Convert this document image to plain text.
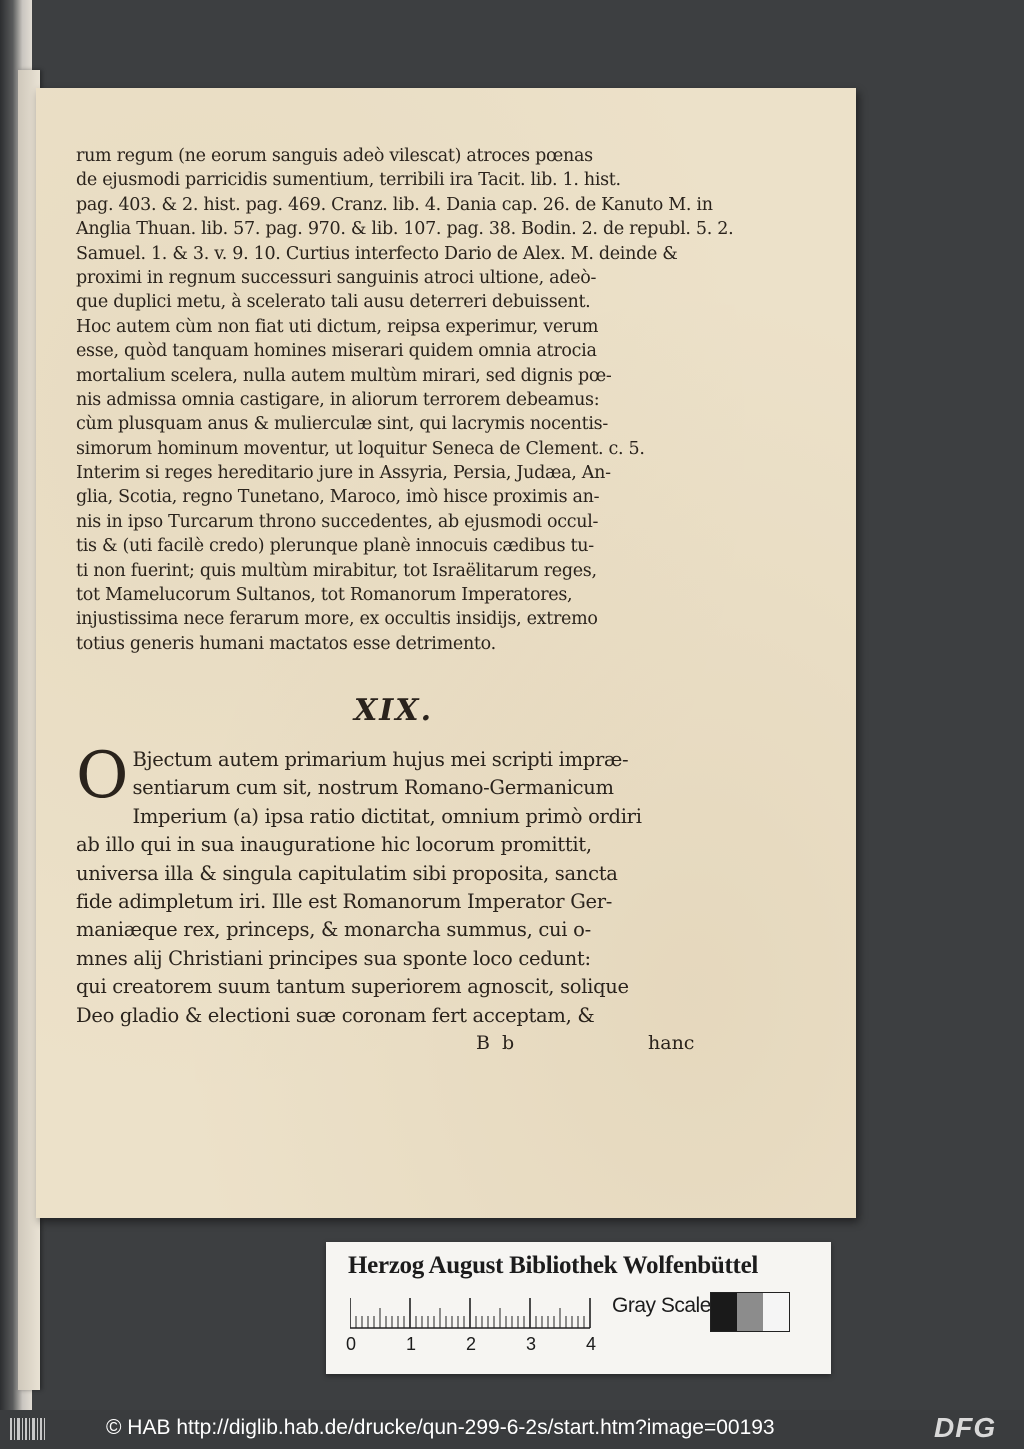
rum regum (ne eorum sanguis adeò vilescat) atroces pœnas
de ejusmodi parricidis sumentium, terribili ira Tacit. lib. 1. hist.
pag. 403. & 2. hist. pag. 469. Cranz. lib. 4. Dania cap. 26. de Kanuto M. in
Anglia Thuan. lib. 57. pag. 970. & lib. 107. pag. 38. Bodin. 2. de republ. 5. 2.
Samuel. 1. & 3. v. 9. 10. Curtius interfecto Dario de Alex. M. deinde &
proximi in regnum successuri sanguinis atroci ultione, adeò-
que duplici metu, à scelerato tali ausu deterreri debuissent.
Hoc autem cùm non fiat uti dictum, reipsa experimur, verum
esse, quòd tanquam homines miserari quidem omnia atrocia
mortalium scelera, nulla autem multùm mirari, sed dignis pœ-
nis admissa omnia castigare, in aliorum terrorem debeamus:
cùm plusquam anus & mulierculæ sint, qui lacrymis nocentis-
simorum hominum moventur, ut loquitur Seneca de Clement. c. 5.
Interim si reges hereditario jure in Assyria, Persia, Judæa, An-
glia, Scotia, regno Tunetano, Maroco, imò hisce proximis an-
nis in ipso Turcarum throno succedentes, ab ejusmodi occul-
tis & (uti facilè credo) plerunque planè innocuis cædibus tu-
ti non fuerint; quis multùm mirabitur, tot Israëlitarum reges,
tot Mamelucorum Sultanos, tot Romanorum Imperatores,
injustissima nece ferarum more, ex occultis insidijs, extremo
totius generis humani mactatos esse detrimento.
XIX.
O Bjectum autem primarium hujus mei scripti impræ-
sentiarum cum sit, nostrum Romano-Germanicum
Imperium (a) ipsa ratio dictitat, omnium primò ordiri
ab illo qui in sua inauguratione hic locorum promittit,
universa illa & singula capitulatim sibi proposita, sancta
fide adimpletum iri. Ille est Romanorum Imperator Ger-
maniæque rex, princeps, & monarcha summus, cui o-
mnes alij Christiani principes sua sponte loco cedunt:
qui creatorem suum tantum superiorem agnoscit, solique
Deo gladio & electioni suæ coronam fert acceptam, &
B b	hanc
Herzog August Bibliothek Wolfenbüttel
0	1	2	3	4
Gray Scale
© HAB http://diglib.hab.de/drucke/qun-299-6-2s/start.htm?image=00193	DFG
